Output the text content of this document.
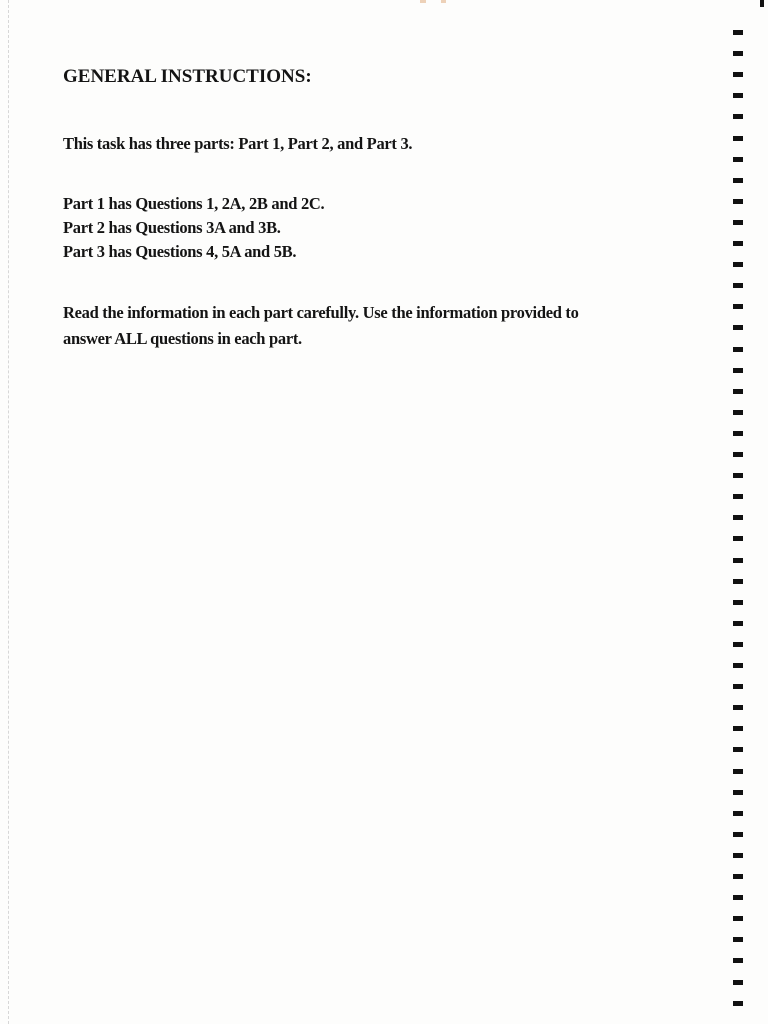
GENERAL INSTRUCTIONS:

This task has three parts: Part 1, Part 2, and Part 3.

Part 1 has Questions 1, 2A, 2B and 2C.

Part 2 has Questions 3A and 3B.

Part 3 has Questions 4, 5A and 5B.

Read the information in each part carefully. Use the information provided to

answer ALL questions in each part.
